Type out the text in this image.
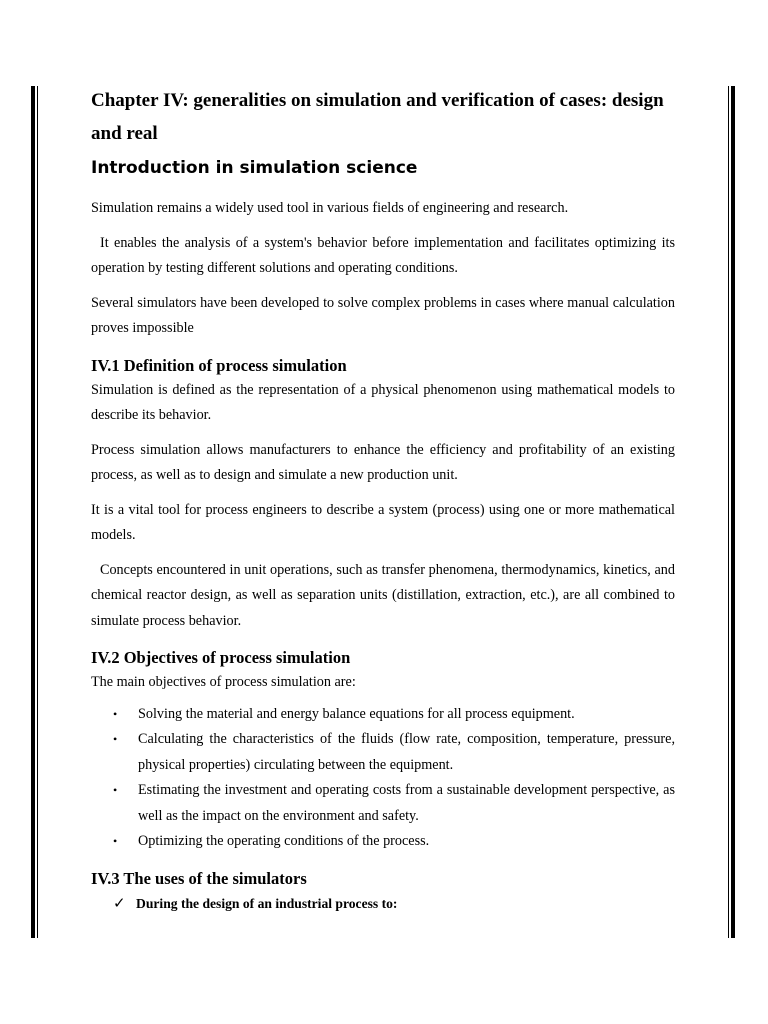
Chapter IV: generalities on simulation and verification of cases: design and real
Introduction in simulation science

Simulation remains a widely used tool in various fields of engineering and research.

It enables the analysis of a system's behavior before implementation and facilitates optimizing its operation by testing different solutions and operating conditions.

Several simulators have been developed to solve complex problems in cases where manual calculation proves impossible

IV.1 Definition of process simulation

Simulation is defined as the representation of a physical phenomenon using mathematical models to describe its behavior.

Process simulation allows manufacturers to enhance the efficiency and profitability of an existing process, as well as to design and simulate a new production unit.

It is a vital tool for process engineers to describe a system (process) using one or more mathematical models.

Concepts encountered in unit operations, such as transfer phenomena, thermodynamics, kinetics, and chemical reactor design, as well as separation units (distillation, extraction, etc.), are all combined to simulate process behavior.

IV.2 Objectives of process simulation

The main objectives of process simulation are:

• Solving the material and energy balance equations for all process equipment.
• Calculating the characteristics of the fluids (flow rate, composition, temperature, pressure, physical properties) circulating between the equipment.
• Estimating the investment and operating costs from a sustainable development perspective, as well as the impact on the environment and safety.
• Optimizing the operating conditions of the process.
IV.3 The uses of the simulators
✓ During the design of an industrial process to:
